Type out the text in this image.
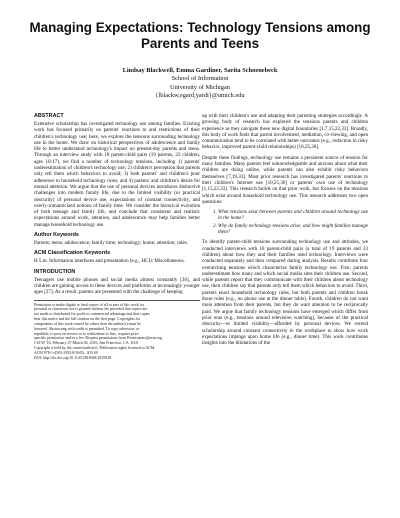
Managing Expectations: Technology Tensions among Parents and Teens
Lindsay Blackwell, Emma Gardiner, Sarita Schoenebeck
School of Information
University of Michigan
{lblackw,egard,yardi}@umich.edu
ABSTRACT

Extensive scholarship has investigated technology use among families. Existing work has focused primarily on parents' reactions to and restrictions of their children's technology use; here, we explore the tensions surrounding technology use in the home. We draw on historical perspectives of adolescence and family life to better understand technology's impact on present-day parents and teens. Through an interview study with 18 parent-child pairs (19 parents, 23 children, ages 10-17), we find a number of technology tensions, including 1) parents' underestimation of children's technology use; 2) children's perception that parents only tell them which behaviors to avoid; 3) both parents' and children's poor adherence to household technology rules; and 4) parents' and children's desire for mutual attention. We argue that the use of personal devices introduces distinctive challenges into modern family life, due to the limited visibility (or practical obscurity) of personal device use, expectations of constant connectivity, and overly-romanticized notions of family time. We consider the historical evolution of both teenage and family life, and conclude that consistent and realistic expectations around work, attention, and adolescence may help families better manage household technology use.

Author Keywords

Parents; teens; adolescence; family time; technology; home; attention; rules.

ACM Classification Keywords

H.5.m. Information interfaces and presentation (e.g., HCI): Miscellaneous.

INTRODUCTION

Teenagers use mobile phones and social media almost constantly [36], and children are gaining access to these devices and platforms at increasingly younger ages [27]. As a result, parents are presented with the challenge of keeping

Permission to make digital or hard copies of all or part of this work for
personal or classroom use is granted without fee provided that copies are
not made or distributed for profit or commercial advantage and that copies
bear this notice and the full citation on the first page. Copyrights for
components of this work owned by others than the author(s) must be
honored. Abstracting with credit is permitted. To copy otherwise, or
republish, to post on servers or to redistribute to lists, requires prior
specific permission and/or a fee. Request permissions from Permissions@acm.org.
CSCW '16, February 27-March 02, 2016, San Francisco, CA, USA
Copyright is held by the owner/author(s). Publication rights licensed to ACM.
ACM 978-1-4503-3592-8/16/02...$15.00
DOI: http://dx.doi.org/10.1145/2818048.2819928

up with their children's use and adapting their parenting strategies accordingly. A growing body of research has explored the tensions parents and children experience as they navigate these new digital boundaries [1,7,15,22,33]. Broadly, this body of work finds that parent involvement, mediation, co-viewing, and open communication tend to be correlated with better outcomes (e.g., reduction in risky behavior, improved parent-child relationships) [10,25,30].

Despite these findings, technology use remains a persistent source of tension for many families. Many parents feel unknowledgeable and anxious about what their children are doing online, while parents can also exhibit risky behaviors themselves [7,19,33]. Most prior research has investigated parents' reactions to their children's Internet use [10,25,30] or parents' own use of technology [1,15,22,33]. This research builds on that prior work, but focuses on the tensions which exist around household technology use. This research addresses two open questions:

1. What tensions exist between parents and children around technology use in the home?
2. Why do family technology tensions arise, and how might families manage them?

To identify parent-child tensions surrounding technology use and attitudes, we conducted interviews with 18 parent-child pairs (a total of 19 parents and 23 children) about how they and their families used technology. Interviews were conducted separately and then compared during analysis. Results contribute four overarching tensions which characterize family technology use. First, parents underestimate how many and which social media sites their children use. Second, while parents report that they communicate with their children about technology use, their children say that parents only tell them which behaviors to avoid. Third, parents enact household technology rules, but both parents and children break those rules (e.g., no phone use at the dinner table). Fourth, children do not want more attention from their parents, but they do want attention to be reciprocally paid. We argue that family technology tensions have emerged which differ from prior eras (e.g., tensions around television watching), because of the practical obscurity—or limited visibility—afforded by personal devices. We extend scholarship around constant connectivity in the workplace to show how work expectations impinge upon home life (e.g., dinner time). This work contributes insights into the limitations of the
